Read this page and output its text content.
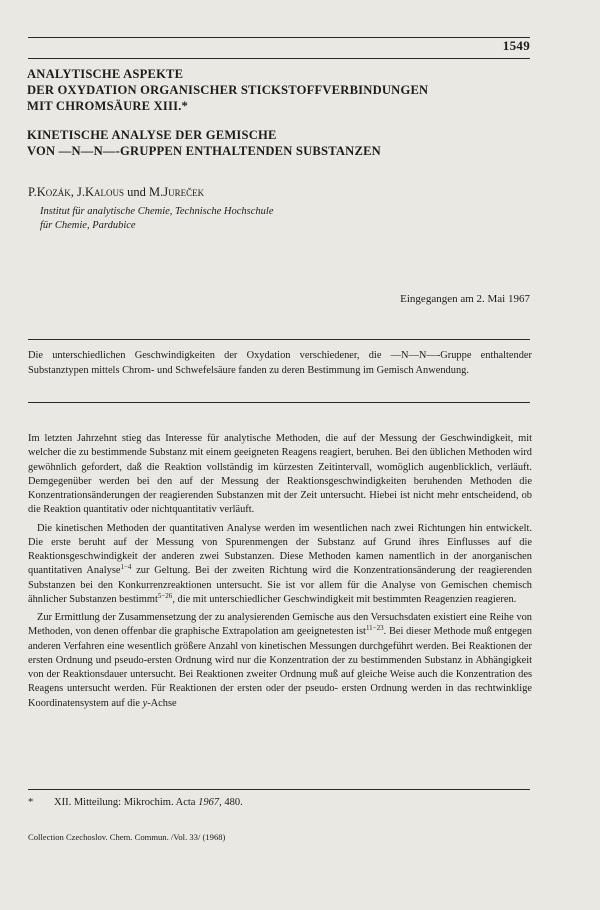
1549
ANALYTISCHE ASPEKTE
DER OXYDATION ORGANISCHER STICKSTOFFVERBINDUNGEN
MIT CHROMSÄURE XIII.*
KINETISCHE ANALYSE DER GEMISCHE
VON —N—N—-GRUPPEN ENTHALTENDEN SUBSTANZEN
P.Kozák, J.Kalous und M.Jureček
Institut für analytische Chemie, Technische Hochschule
für Chemie, Pardubice
Eingegangen am 2. Mai 1967

Die unterschiedlichen Geschwindigkeiten der Oxydation verschiedener, die —N—N—-Gruppe enthaltender Substanztypen mittels Chrom- und Schwefelsäure fanden zu deren Bestimmung im Gemisch Anwendung.

Im letzten Jahrzehnt stieg das Interesse für analytische Methoden, die auf der Messung der Geschwindigkeit, mit welcher die zu bestimmende Substanz mit einem geeigneten Reagens reagiert, beruhen. Bei den üblichen Methoden wird gewöhnlich gefordert, daß die Reaktion vollständig im kürzesten Zeitintervall, womöglich augenblicklich, verläuft. Demgegenüber werden bei den auf der Messung der Reaktionsgeschwindigkeiten beruhenden Methoden die Konzentrationsänderungen der reagierenden Substanzen mit der Zeit untersucht. Hiebei ist nicht mehr entscheidend, ob die Reaktion quantitativ oder nichtquantitativ verläuft.

Die kinetischen Methoden der quantitativen Analyse werden im wesentlichen nach zwei Richtungen hin entwickelt. Die erste beruht auf der Messung von Spurenmengen der Substanz auf Grund ihres Einflusses auf die Reaktionsgeschwindigkeit der anderen zwei Substanzen. Diese Methoden kamen namentlich in der anorganischen quantitativen Analyse$^{1-4}$ zur Geltung. Bei der zweiten Richtung wird die Konzentrationsänderung der reagierenden Substanzen bei den Konkurrenzreaktionen untersucht. Sie ist vor allem für die Analyse von Gemischen chemisch ähnlicher Substanzen bestimmt$^{5-26}$, die mit unterschiedlicher Geschwindigkeit mit bestimmten Reagenzien reagieren.

Zur Ermittlung der Zusammensetzung der zu analysierenden Gemische aus den Versuchsdaten existiert eine Reihe von Methoden, von denen offenbar die graphische Extrapolation am geeignetesten ist$^{11-23}$. Bei dieser Methode muß entgegen anderen Verfahren eine wesentlich größere Anzahl von kinetischen Messungen durchgeführt werden. Bei Reaktionen der ersten Ordnung und pseudo-ersten Ordnung wird nur die Konzentration der zu bestimmenden Substanz in Abhängigkeit von der Reaktionsdauer untersucht. Bei Reaktionen zweiter Ordnung muß auf gleiche Weise auch die Konzentration des Reagens untersucht werden. Für Reaktionen der ersten oder der pseudo- ersten Ordnung werden in das rechtwinklige Koordinatensystem auf die y-Achse

* XII. Mitteilung: Mikrochim. Acta 1967, 480.
Collection Czechoslov. Chem. Commun. /Vol. 33/ (1968)
